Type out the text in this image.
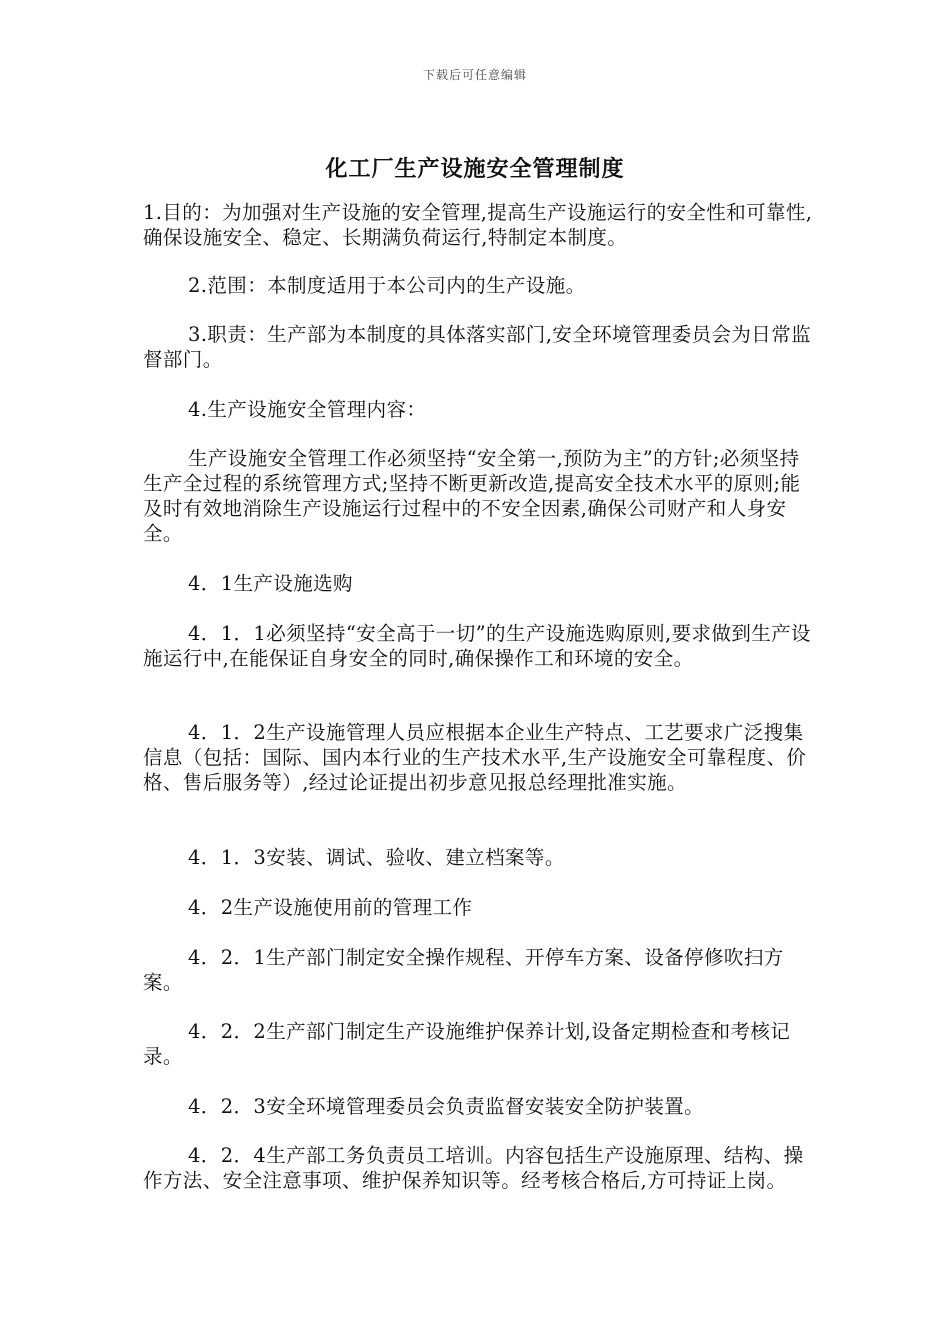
下载后可任意编辑
化工厂生产设施安全管理制度

1.目的：为加强对生产设施的安全管理,提高生产设施运行的安全性和可靠性,确保设施安全、稳定、长期满负荷运行,特制定本制度。

2.范围：本制度适用于本公司内的生产设施。

3.职责：生产部为本制度的具体落实部门,安全环境管理委员会为日常监督部门。

4.生产设施安全管理内容：

生产设施安全管理工作必须坚持“安全第一,预防为主”的方针;必须坚持生产全过程的系统管理方式;坚持不断更新改造,提高安全技术水平的原则;能及时有效地消除生产设施运行过程中的不安全因素,确保公司财产和人身安全。

4．1生产设施选购

4．1．1必须坚持“安全高于一切”的生产设施选购原则,要求做到生产设施运行中,在能保证自身安全的同时,确保操作工和环境的安全。

4．1．2生产设施管理人员应根据本企业生产特点、工艺要求广泛搜集信息（包括：国际、国内本行业的生产技术水平,生产设施安全可靠程度、价格、售后服务等）,经过论证提出初步意见报总经理批准实施。

4．1．3安装、调试、验收、建立档案等。

4．2生产设施使用前的管理工作

4．2．1生产部门制定安全操作规程、开停车方案、设备停修吹扫方案。

4．2．2生产部门制定生产设施维护保养计划,设备定期检查和考核记录。

4．2．3安全环境管理委员会负责监督安装安全防护装置。

4．2．4生产部工务负责员工培训。内容包括生产设施原理、结构、操作方法、安全注意事项、维护保养知识等。经考核合格后,方可持证上岗。
